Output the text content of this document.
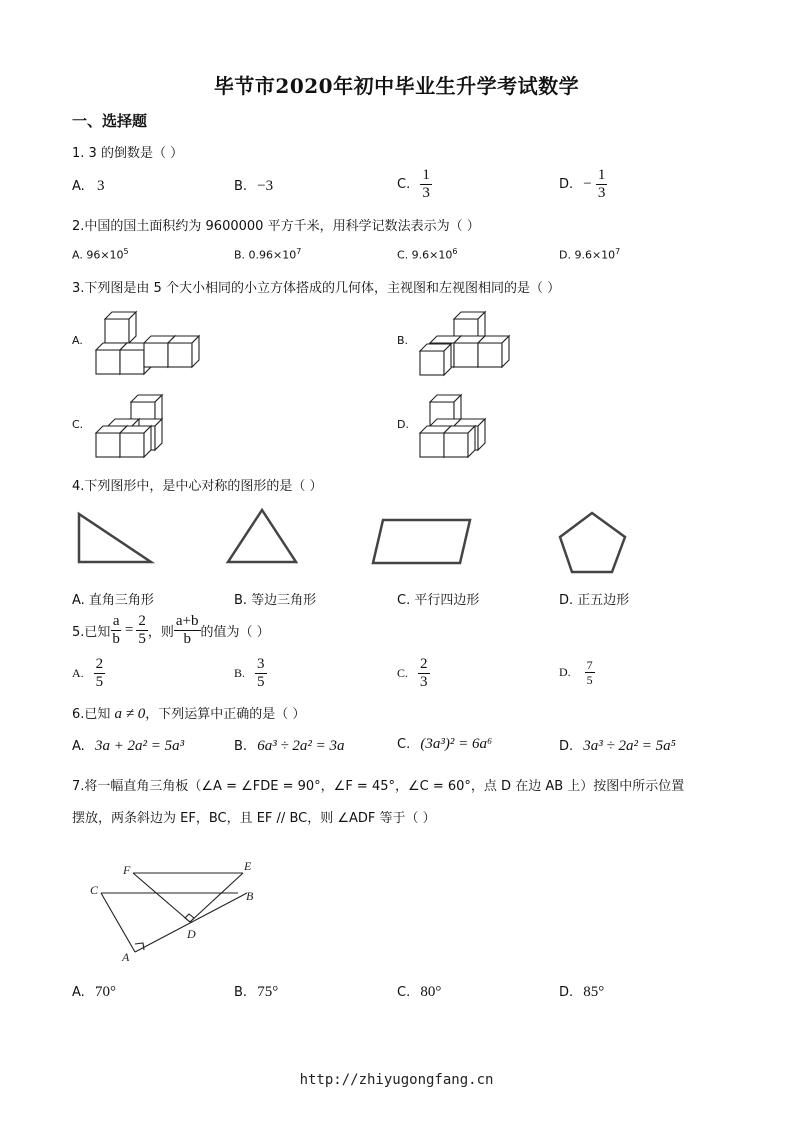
毕节市2020年初中毕业生升学考试数学
一、选择题
1. 3 的倒数是（ ）
A. 3	B. −3	C. $\frac{1}{3}$	D. − $\frac{1}{3}$
2.中国的国土面积约为 9600000 平方千米，用科学记数法表示为（ ）
A. $96\times 10^5$	B. $0.96\times 10^7$	C. $9.6\times 10^6$	D. $9.6\times 10^7$
3.下列图是由 5 个大小相同的小立方体搭成的几何体，主视图和左视图相同的是（ ）
A.	B.
C.	D.
4.下列图形中，是中心对称的图形的是（ ）
A. 直角三角形	B. 等边三角形	C. 平行四边形	D. 正五边形
5.已知 $\frac{a}{b} = \frac{2}{5}$ ，则 $\frac{a+b}{b}$ 的值为（ ）
A. $\frac{2}{5}$	B. $\frac{3}{5}$	C. $\frac{2}{3}$	D. $\frac{7}{5}$
6.已知 a ≠ 0，下列运算中正确的是（ ）
A. 3a + 2a² = 5a³	B. 6a³ ÷ 2a² = 3a	C. (3a³)² = 6a⁶	D. 3a³ ÷ 2a² = 5a⁵
7.将一幅直角三角板（∠A = ∠FDE = 90°，∠F = 45°，∠C = 60°，点 D 在边 AB 上）按图中所示位置
摆放，两条斜边为 EF，BC，且 EF // BC，则 ∠ADF 等于（ ）
F	E
C	B
D
A
A. 70°	B. 75°	C. 80°	D. 85°
http://zhiyugongfang.cn
